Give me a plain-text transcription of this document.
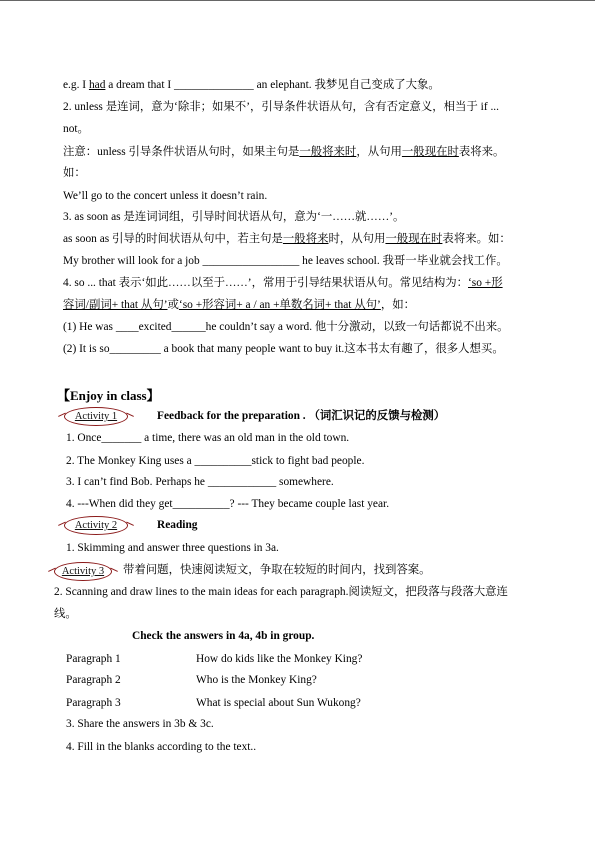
e.g. I had a dream that I ______________ an elephant. 我梦见自己变成了大象。
2. unless 是连词，意为‘除非；如果不’，引导条件状语从句，含有否定意义，相当于 if ...
not。
注意：unless 引导条件状语从句时，如果主句是一般将来时，从句用一般现在时表将来。
如：
We’ll go to the concert unless it doesn’t rain.
3. as soon as 是连词词组，引导时间状语从句，意为‘一……就……’。
as soon as 引导的时间状语从句中，若主句是一般将来时，从句用一般现在时表将来。如：
My brother will look for a job _________________ he leaves school. 我哥一毕业就会找工作。
4. so ... that 表示‘如此……以至于……’，常用于引导结果状语从句。常见结构为：‘so +形
容词/副词+ that 从句’或‘so +形容词+ a / an +单数名词+ that 从句’，如：
(1) He was ____excited______he couldn’t say a word. 他十分激动，以致一句话都说不出来。
(2) It is so_________ a book that many people want to buy it.这本书太有趣了，很多人想买。
【Enjoy in class】
Activity 1	Feedback for the preparation . （词汇识记的反馈与检测）
1. Once_______ a time, there was an old man in the old town.
2. The Monkey King uses a __________stick to fight bad people.
3. I can’t find Bob. Perhaps he ____________ somewhere.
4. ---When did they get__________? --- They became couple last year.
Activity 2	Reading
1. Skimming and answer three questions in 3a.
Activity 3	带着问题，快速阅读短文，争取在较短的时间内，找到答案。
2. Scanning and draw lines to the main ideas for each paragraph.阅读短文，把段落与段落大意连
线。
Check the answers in 4a, 4b in group.
Paragraph 1	How do kids like the Monkey King?
Paragraph 2	Who is the Monkey King?
Paragraph 3	What is special about Sun Wukong?
3. Share the answers in 3b & 3c.
4. Fill in the blanks according to the text..
